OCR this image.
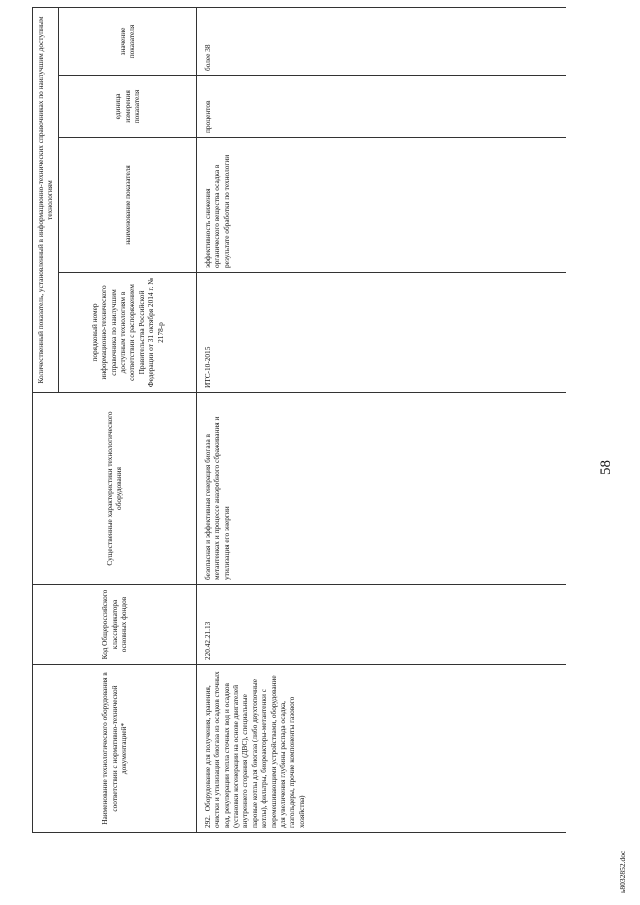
58
Наименование технологического оборудования в соответствии с нормативно-технической документацией*	Код Общероссийского классификатора основных фондов	Существенные характеристики технологического оборудования	Количественный показатель, установленный в информационно-технических справочниках по наилучшим доступным технологиям			
			порядковый номер информационно-технического справочника по наилучшим доступным технологиям в соответствии с распоряжением Правительства Российской Федерации от 31 октября 2014 г. № 2178-р	наименование показателя	единица измерения показателя	значение показателя
292.Оборудование для получения, хранения, очистки и утилизации биогаза из осадков сточных вод, рекуперации тепла сточных вод и осадков (установки когенерации на основе двигателей внутреннего сгорания (ДВС), специальные паровые котлы для биогаза (либо двухтопочные котлы), фильтры, биореакторы-метантенки с перемешивающими устройствами, оборудование для увеличения глубины распада осадка, газгольдеры, прочие компоненты газового хозяйства)	220.42.21.13	безопасная и эффективная генерация биогаза в метантенках и процессе анаэробного сбраживания и утилизация его энергии	ИТС-10-2015	эффективность снижения органического вещества осадка в результате обработки по технологии	процентов	более 38
ь8032852.doc
